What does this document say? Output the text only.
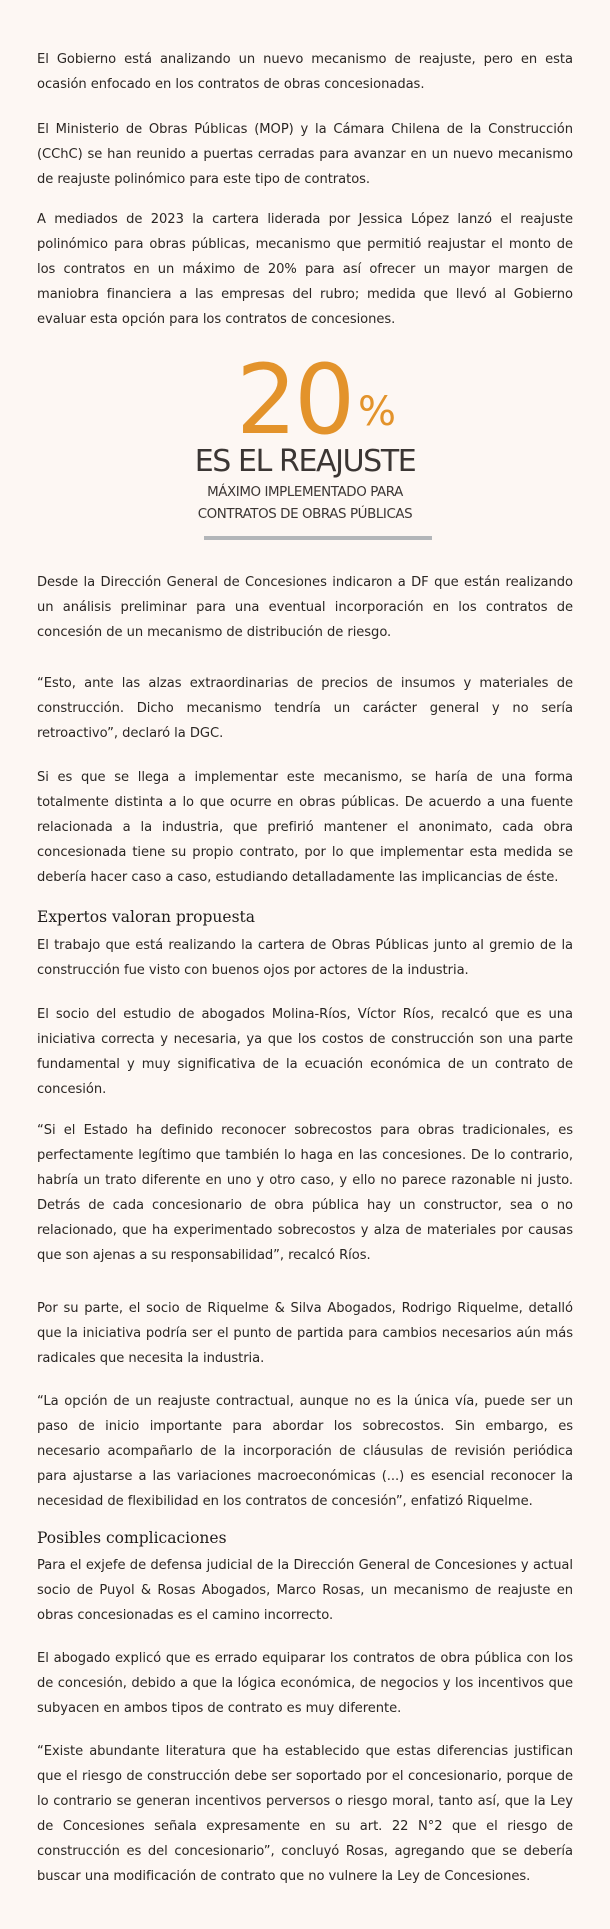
El Gobierno está analizando un nuevo mecanismo de reajuste, pero en esta ocasión enfocado en los contratos de obras concesionadas.

El Ministerio de Obras Públicas (MOP) y la Cámara Chilena de la Construcción (CChC) se han reunido a puertas cerradas para avanzar en un nuevo mecanismo de reajuste polinómico para este tipo de contratos.

A mediados de 2023 la cartera liderada por Jessica López lanzó el reajuste polinómico para obras públicas, mecanismo que permitió reajustar el monto de los contratos en un máximo de 20% para así ofrecer un mayor margen de maniobra financiera a las empresas del rubro; medida que llevó al Gobierno evaluar esta opción para los contratos de concesiones.

20 %
ES EL REAJUSTE
MÁXIMO IMPLEMENTADO PARA
CONTRATOS DE OBRAS PÚBLICAS

Desde la Dirección General de Concesiones indicaron a DF que están realizando un análisis preliminar para una eventual incorporación en los contratos de concesión de un mecanismo de distribución de riesgo.

“Esto, ante las alzas extraordinarias de precios de insumos y materiales de construcción. Dicho mecanismo tendría un carácter general y no sería retroactivo”, declaró la DGC.

Si es que se llega a implementar este mecanismo, se haría de una forma totalmente distinta a lo que ocurre en obras públicas. De acuerdo a una fuente relacionada a la industria, que prefirió mantener el anonimato, cada obra concesionada tiene su propio contrato, por lo que implementar esta medida se debería hacer caso a caso, estudiando detalladamente las implicancias de éste.

Expertos valoran propuesta

El trabajo que está realizando la cartera de Obras Públicas junto al gremio de la construcción fue visto con buenos ojos por actores de la industria.

El socio del estudio de abogados Molina-Ríos, Víctor Ríos, recalcó que es una iniciativa correcta y necesaria, ya que los costos de construcción son una parte fundamental y muy significativa de la ecuación económica de un contrato de concesión.

“Si el Estado ha definido reconocer sobrecostos para obras tradicionales, es perfectamente legítimo que también lo haga en las concesiones. De lo contrario, habría un trato diferente en uno y otro caso, y ello no parece razonable ni justo. Detrás de cada concesionario de obra pública hay un constructor, sea o no relacionado, que ha experimentado sobrecostos y alza de materiales por causas que son ajenas a su responsabilidad”, recalcó Ríos.

Por su parte, el socio de Riquelme & Silva Abogados, Rodrigo Riquelme, detalló que la iniciativa podría ser el punto de partida para cambios necesarios aún más radicales que necesita la industria.

“La opción de un reajuste contractual, aunque no es la única vía, puede ser un paso de inicio importante para abordar los sobrecostos. Sin embargo, es necesario acompañarlo de la incorporación de cláusulas de revisión periódica para ajustarse a las variaciones macroeconómicas (...) es esencial reconocer la necesidad de flexibilidad en los contratos de concesión”, enfatizó Riquelme.

Posibles complicaciones

Para el exjefe de defensa judicial de la Dirección General de Concesiones y actual socio de Puyol & Rosas Abogados, Marco Rosas, un mecanismo de reajuste en obras concesionadas es el camino incorrecto.

El abogado explicó que es errado equiparar los contratos de obra pública con los de concesión, debido a que la lógica económica, de negocios y los incentivos que subyacen en ambos tipos de contrato es muy diferente.

“Existe abundante literatura que ha establecido que estas diferencias justifican que el riesgo de construcción debe ser soportado por el concesionario, porque de lo contrario se generan incentivos perversos o riesgo moral, tanto así, que la Ley de Concesiones señala expresamente en su art. 22 N°2 que el riesgo de construcción es del concesionario”, concluyó Rosas, agregando que se debería buscar una modificación de contrato que no vulnere la Ley de Concesiones.
